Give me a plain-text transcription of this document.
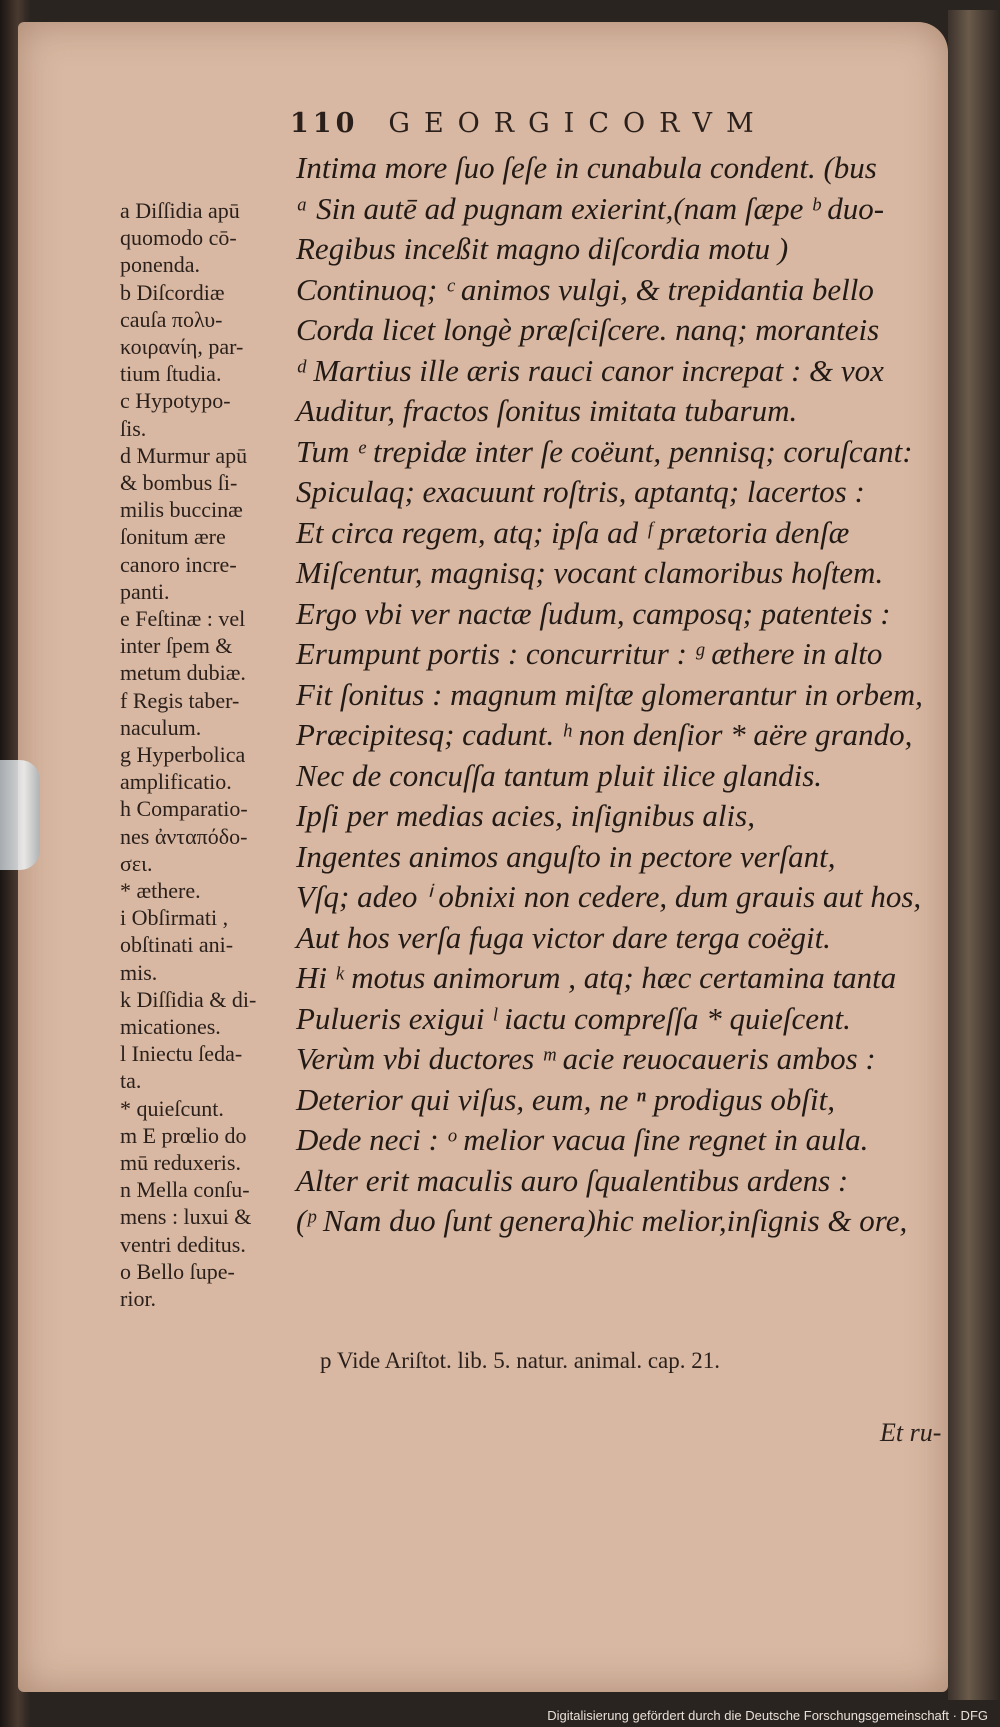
110 GEORGICORVM
Intima more ſuo ſeſe in cunabula condent. (bus
ᵃ Sin autē ad pugnam exierint,(nam ſæpe ᵇ duo-
Regibus inceßit magno diſcordia motu )
Continuoq; ᶜ animos vulgi, & trepidantia bello
Corda licet longè præſciſcere. nanq; moranteis
ᵈ Martius ille æris rauci canor increpat : & vox
Auditur, fractos ſonitus imitata tubarum.
Tum ᵉ trepidæ inter ſe coëunt, pennisq; coruſcant:
Spiculaq; exacuunt roſtris, aptantq; lacertos :
Et circa regem, atq; ipſa ad ᶠ prætoria denſæ
Miſcentur, magnisq; vocant clamoribus hoſtem.
Ergo vbi ver nactæ ſudum, camposq; patenteis :
Erumpunt portis : concurritur : ᵍ æthere in alto
Fit ſonitus : magnum miſtæ glomerantur in orbem,
Præcipitesq; cadunt. ʰ non denſior * aëre grando,
Nec de concuſſa tantum pluit ilice glandis.
Ipſi per medias acies, inſignibus alis,
Ingentes animos anguſto in pectore verſant,
Vſq; adeo ⁱ obnixi non cedere, dum grauis aut hos,
Aut hos verſa fuga victor dare terga coëgit.
Hi ᵏ motus animorum , atq; hæc certamina tanta
Pulueris exigui ˡ iactu compreſſa * quieſcent.
Verùm vbi ductores ᵐ acie reuocaueris ambos :
Deterior qui viſus, eum, ne ⁿ prodigus obſit,
Dede neci : ᵒ melior vacua ſine regnet in aula.
Alter erit maculis auro ſqualentibus ardens :
(ᵖ Nam duo ſunt genera)hic melior,inſignis & ore,
a Diſſidia apū
quomodo cō-
ponenda.
b Diſcordiæ
cauſa πολυ-
κοιρανίη, par-
tium ſtudia.
c Hypotypo-
ſis.
d Murmur apū
& bombus ſi-
milis buccinæ
ſonitum ære
canoro incre-
panti.
e Feſtinæ : vel
inter ſpem &
metum dubiæ.
f Regis taber-
naculum.
g Hyperbolica
amplificatio.
h Comparatio-
nes ἀνταπόδο-
σει.
* æthere.
i Obſirmati ,
obſtinati ani-
mis.
k Diſſidia & di-
micationes.
l Iniectu ſeda-
ta.
* quieſcunt.
m E prœlio do
mū reduxeris.
n Mella conſu-
mens : luxui &
ventri deditus.
o Bello ſupe-
rior.
p Vide Ariſtot. lib. 5. natur. animal. cap. 21.
Et ru-
Digitalisierung gefördert durch die Deutsche Forschungsgemeinschaft · DFG
